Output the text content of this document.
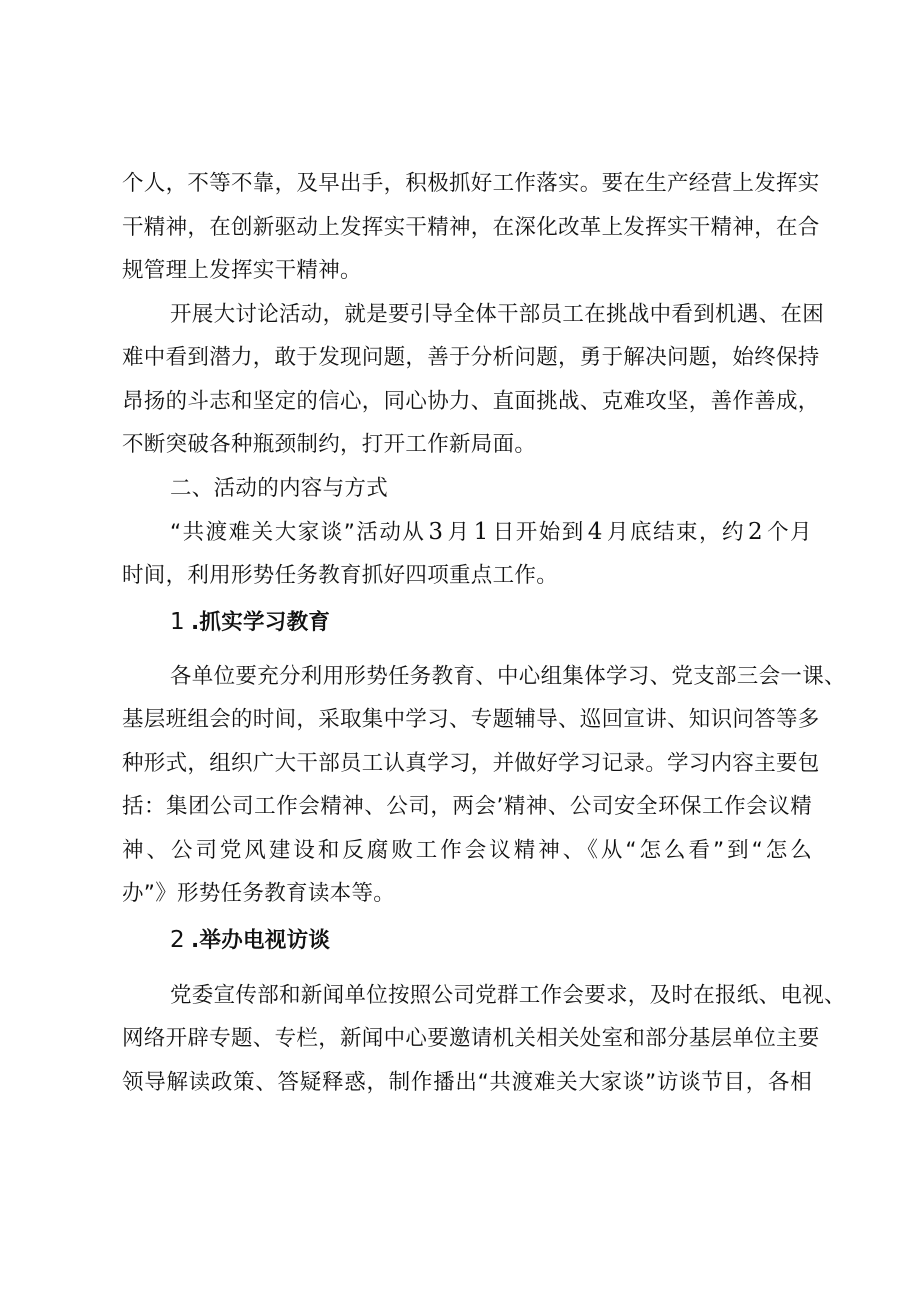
个人，不等不靠，及早出手，积极抓好工作落实。要在生产经营上发挥实
干精神，在创新驱动上发挥实干精神，在深化改革上发挥实干精神，在合
规管理上发挥实干精神。
开展大讨论活动，就是要引导全体干部员工在挑战中看到机遇、在困
难中看到潜力，敢于发现问题，善于分析问题，勇于解决问题，始终保持
昂扬的斗志和坚定的信心，同心协力、直面挑战、克难攻坚，善作善成，
不断突破各种瓶颈制约，打开工作新局面。
二、活动的内容与方式
“共渡难关大家谈”活动从 3 月 1 日开始到 4 月底结束，约 2 个月
时间，利用形势任务教育抓好四项重点工作。
1 .抓实学习教育
各单位要充分利用形势任务教育、中心组集体学习、党支部三会一课、
基层班组会的时间，采取集中学习、专题辅导、巡回宣讲、知识问答等多
种形式，组织广大干部员工认真学习，并做好学习记录。学习内容主要包
括：集团公司工作会精神、公司，两会’精神、公司安全环保工作会议精
神、公司党风建设和反腐败工作会议精神、《从“怎么看”到“怎么
办”》形势任务教育读本等。
2 .举办电视访谈
党委宣传部和新闻单位按照公司党群工作会要求，及时在报纸、电视、
网络开辟专题、专栏，新闻中心要邀请机关相关处室和部分基层单位主要
领导解读政策、答疑释惑，制作播出“共渡难关大家谈”访谈节目，各相
